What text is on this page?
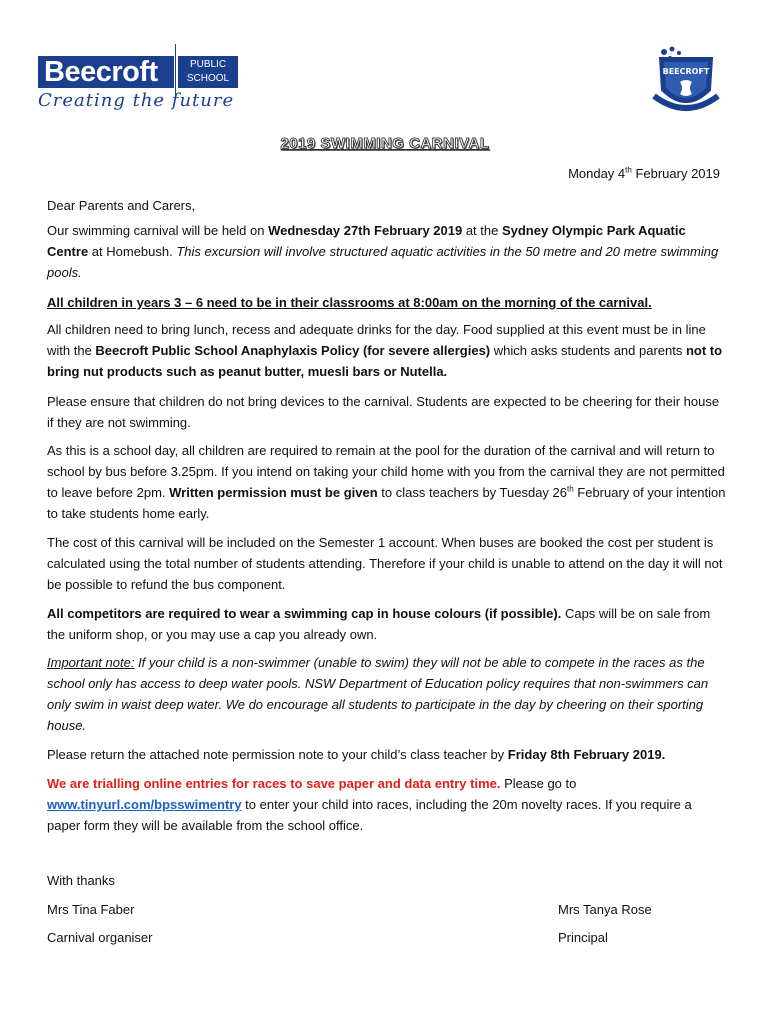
Beecroft	PUBLIC
SCHOOL
Creating the future
BEECROFT
2019 SWIMMING CARNIVAL
Monday 4th February 2019
Dear Parents and Carers,
Our swimming carnival will be held on Wednesday 27th February 2019 at the Sydney Olympic Park Aquatic Centre at Homebush. This excursion will involve structured aquatic activities in the 50 metre and 20 metre swimming pools.
All children in years 3 – 6 need to be in their classrooms at 8:00am on the morning of the carnival.
All children need to bring lunch, recess and adequate drinks for the day. Food supplied at this event must be in line with the Beecroft Public School Anaphylaxis Policy (for severe allergies) which asks students and parents not to bring nut products such as peanut butter, muesli bars or Nutella.
Please ensure that children do not bring devices to the carnival. Students are expected to be cheering for their house if they are not swimming.
As this is a school day, all children are required to remain at the pool for the duration of the carnival and will return to school by bus before 3.25pm. If you intend on taking your child home with you from the carnival they are not permitted to leave before 2pm. Written permission must be given to class teachers by Tuesday 26th February of your intention to take students home early.
The cost of this carnival will be included on the Semester 1 account. When buses are booked the cost per student is calculated using the total number of students attending. Therefore if your child is unable to attend on the day it will not be possible to refund the bus component.
All competitors are required to wear a swimming cap in house colours (if possible). Caps will be on sale from the uniform shop, or you may use a cap you already own.
Important note: If your child is a non-swimmer (unable to swim) they will not be able to compete in the races as the school only has access to deep water pools. NSW Department of Education policy requires that non-swimmers can only swim in waist deep water. We do encourage all students to participate in the day by cheering on their sporting house.
Please return the attached note permission note to your child’s class teacher by Friday 8th February 2019.
We are trialling online entries for races to save paper and data entry time. Please go to www.tinyurl.com/bpsswimentry to enter your child into races, including the 20m novelty races. If you require a paper form they will be available from the school office.
With thanks
Mrs Tina Faber
Carnival organiser
Mrs Tanya Rose
Principal
